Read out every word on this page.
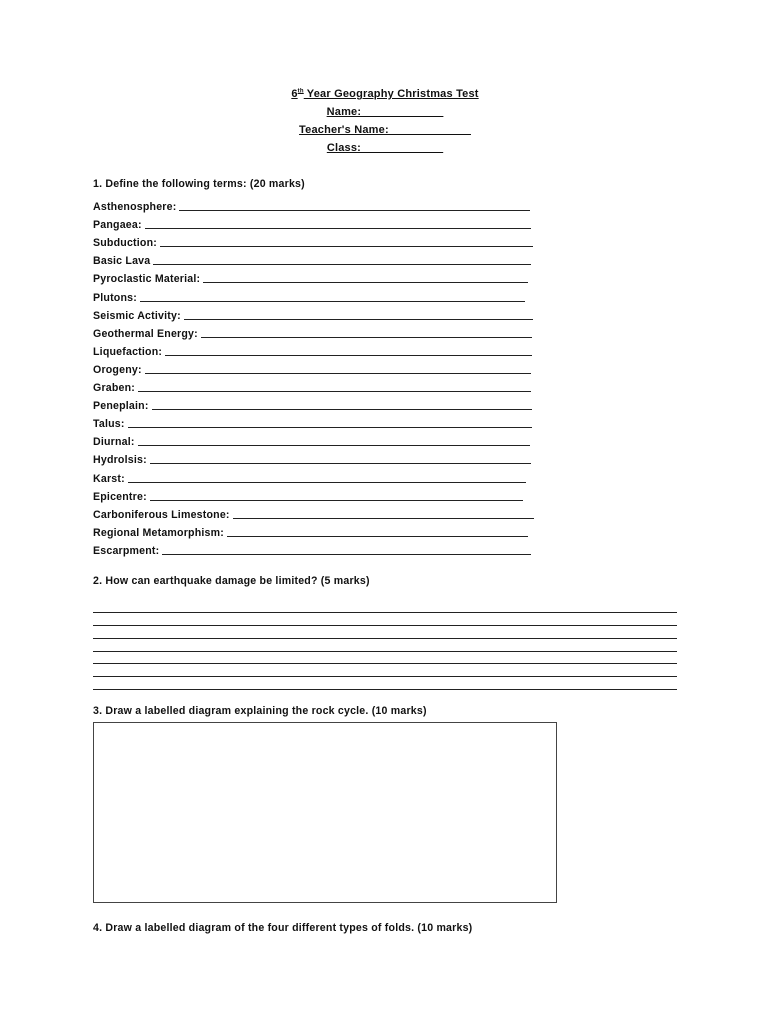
6th Year Geography Christmas Test
Name:_____________
Teacher's Name:_____________
Class:_____________
1. Define the following terms: (20 marks)
Asthenosphere:
Pangaea:
Subduction:
Basic Lava
Pyroclastic Material:
Plutons:
Seismic Activity:
Geothermal Energy:
Liquefaction:
Orogeny:
Graben:
Peneplain:
Talus:
Diurnal:
Hydrolsis:
Karst:
Epicentre:
Carboniferous Limestone:
Regional Metamorphism:
Escarpment:
2. How can earthquake damage be limited? (5 marks)
3. Draw a labelled diagram explaining the rock cycle. (10 marks)
4. Draw a labelled diagram of the four different types of folds. (10 marks)
